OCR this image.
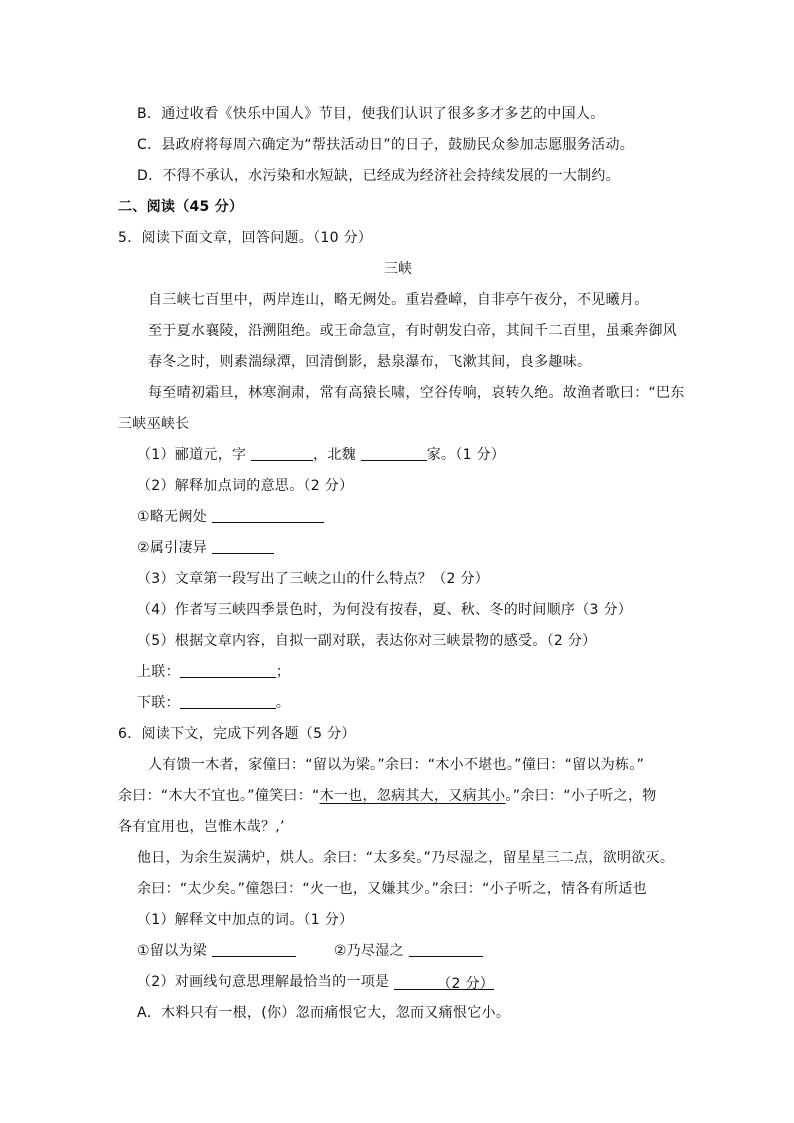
B．通过收看《快乐中国人》节目，使我们认识了很多多才多艺的中国人。
C．县政府将每周六确定为“帮扶活动日”的日子，鼓励民众参加志愿服务活动。
D．不得不承认，水污染和水短缺，已经成为经济社会持续发展的一大制约。
二、阅读（45 分）
5．阅读下面文章，回答问题。（10 分）
三峡
自三峡七百里中，两岸连山，略无阙处。重岩叠嶂，自非亭午夜分，不见曦月。
至于夏水襄陵，沿溯阻绝。或王命急宣，有时朝发白帝，其间千二百里，虽乘奔御风
春冬之时，则素湍绿潭，回清倒影，悬泉瀑布，飞漱其间，良多趣味。
每至晴初霜旦，林寒涧肃，常有高猿长啸，空谷传响，哀转久绝。故渔者歌曰：“巴东
三峡巫峡长
（1）郦道元，字	，北魏	家。（1 分）
（2）解释加点词的意思。（2 分）
①略无阙处
②属引凄异
（3）文章第一段写出了三峡之山的什么特点？（2 分）
（4）作者写三峡四季景色时，为何没有按春，夏、秋、冬的时间顺序（3 分）
（5）根据文章内容，自拟一副对联，表达你对三峡景物的感受。（2 分）
上联：	；
下联：	。
6．阅读下文，完成下列各题（5 分）
人有馈一木者，家僮曰：“留以为梁。”余曰：“木小不堪也。”僮曰：“留以为栋。”
余曰：“木大不宜也。”僮笑曰：“木一也，忽病其大，又病其小。”余曰：“小子听之，物
各有宜用也，岂惟木哉？,’
他日，为余生炭满炉，烘人。余曰：“太多矣。”乃尽湿之，留星星三二点，欲明欲灭。
余曰：“太少矣。”僮怨曰：“火一也，又嫌其少。”余曰：“小子听之，情各有所适也
（1）解释文中加点的词。（1 分）
①留以为梁	②乃尽湿之
（2）对画线句意思理解最恰当的一项是	（2 分）
A．木料只有一根，(你）忽而痛恨它大，忽而又痛恨它小。
